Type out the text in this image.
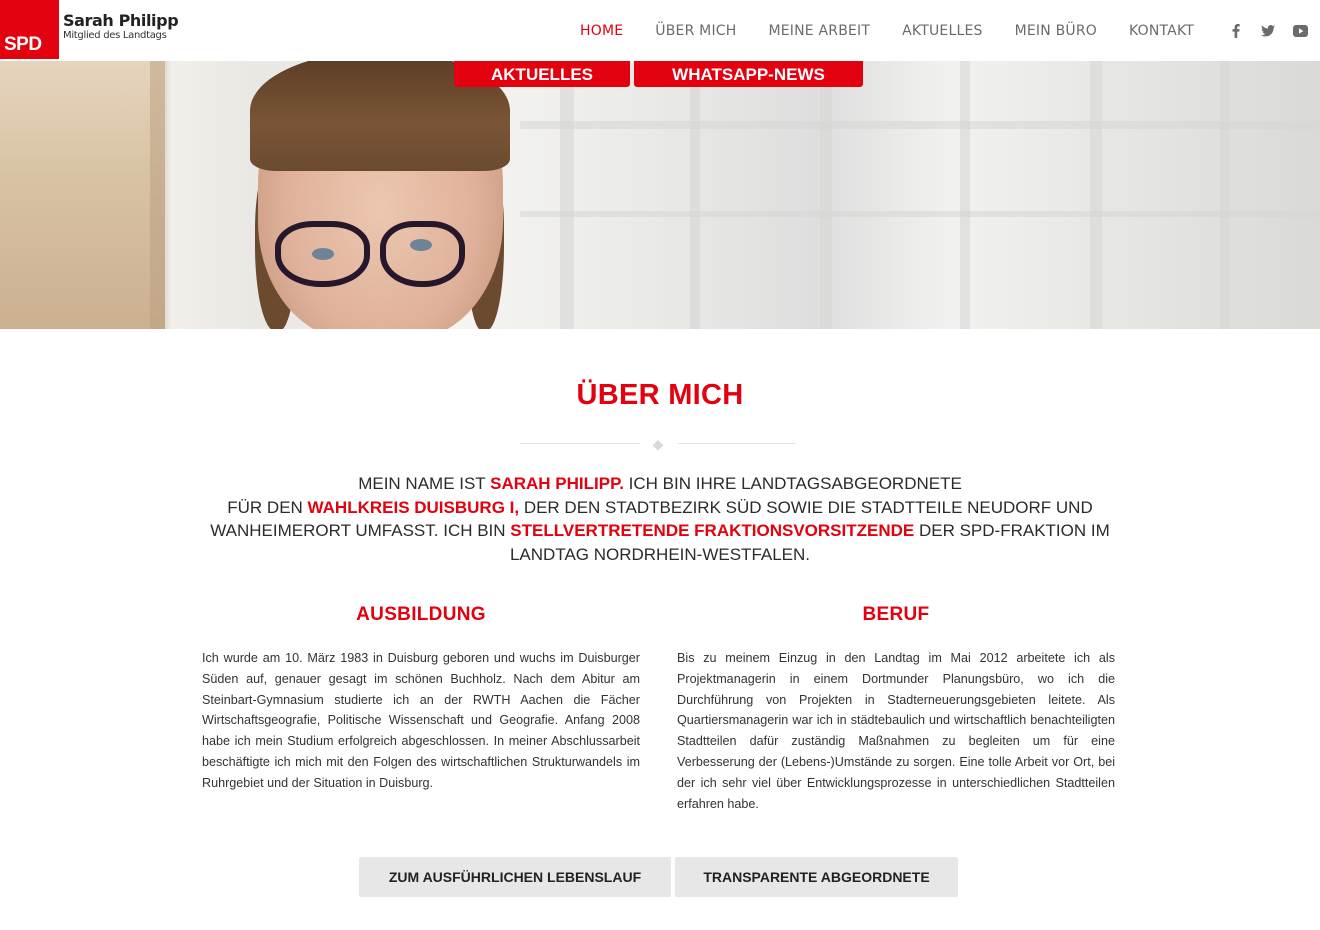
SPD
Sarah Philipp
Mitglied des Landtags	HOME ÜBER MICH MEINE ARBEIT AKTUELLES MEIN BÜRO KONTAKT
AKTUELLES	WHATSAPP-NEWS
ÜBER MICH
◆

MEIN NAME IST SARAH PHILIPP. ICH BIN IHRE LANDTAGSABGEORDNETE
FÜR DEN WAHLKREIS DUISBURG I, DER DEN STADTBEZIRK SÜD SOWIE DIE STADTTEILE NEUDORF UND WANHEIMERORT UMFASST. ICH BIN STELLVERTRETENDE FRAKTIONSVORSITZENDE DER SPD-FRAKTION IM LANDTAG NORDRHEIN-WESTFALEN.

AUSBILDUNG

Ich wurde am 10. März 1983 in Duisburg geboren und wuchs im Duisburger Süden auf, genauer gesagt im schönen Buchholz. Nach dem Abitur am Steinbart-Gymnasium studierte ich an der RWTH Aachen die Fächer Wirtschaftsgeografie, Politische Wissenschaft und Geografie. Anfang 2008 habe ich mein Studium erfolgreich abgeschlossen. In meiner Abschlussarbeit beschäftigte ich mich mit den Folgen des wirtschaftlichen Strukturwandels im Ruhrgebiet und der Situation in Duisburg.

BERUF

Bis zu meinem Einzug in den Landtag im Mai 2012 arbeitete ich als Projektmanagerin in einem Dortmunder Planungsbüro, wo ich die Durchführung von Projekten in Stadterneuerungsgebieten leitete. Als Quartiersmanagerin war ich in städtebaulich und wirtschaftlich benachteiligten Stadtteilen dafür zuständig Maßnahmen zu begleiten um für eine Verbesserung der (Lebens-)Umstände zu sorgen. Eine tolle Arbeit vor Ort, bei der ich sehr viel über Entwicklungsprozesse in unterschiedlichen Stadtteilen erfahren habe.

ZUM AUSFÜHRLICHEN LEBENSLAUF	TRANSPARENTE ABGEORDNETE
